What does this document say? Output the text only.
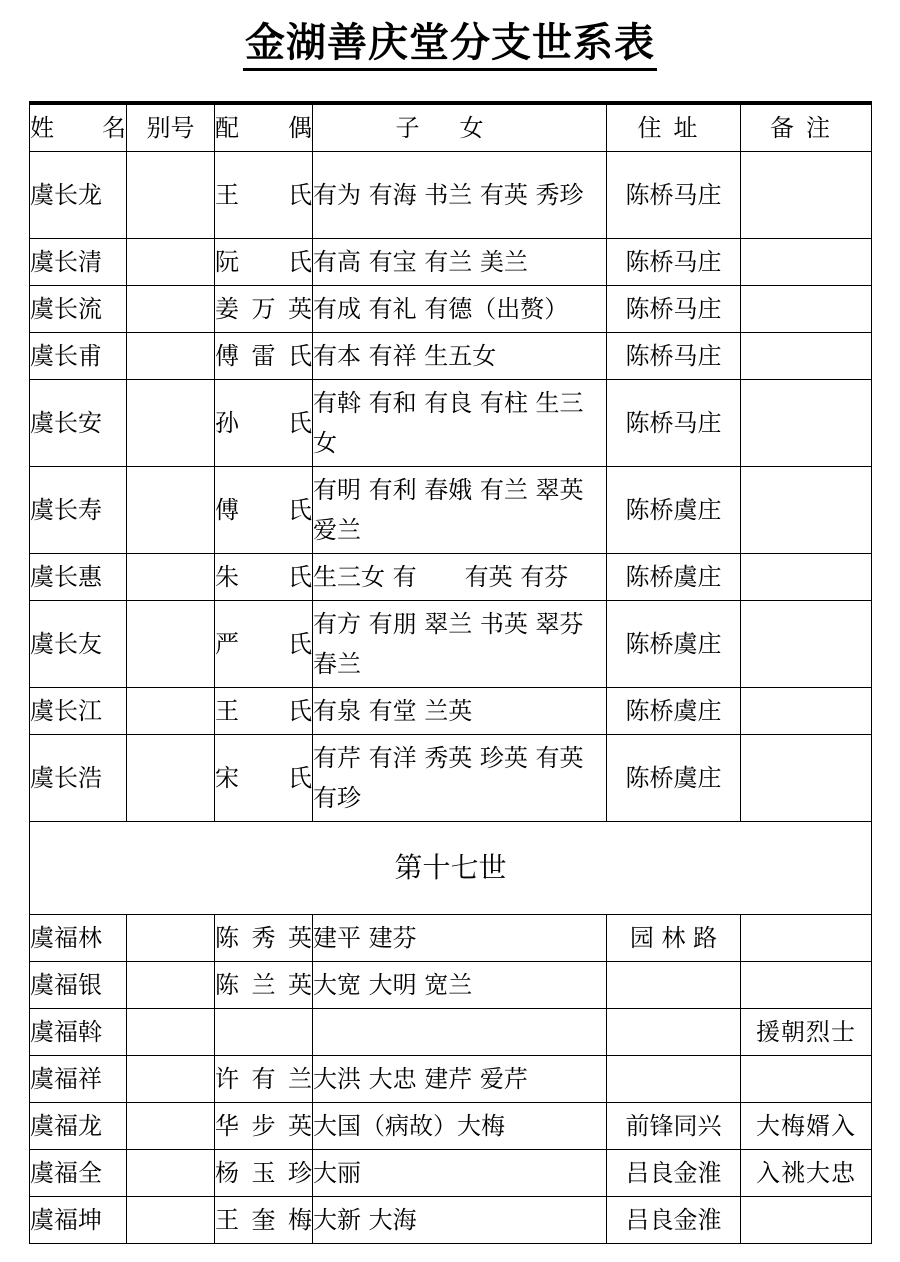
金湖善庆堂分支世系表
姓名	别号	配偶	子女	住址	备注
虞长龙		王氏	有为 有海 书兰 有英 秀珍	陈桥马庄	
虞长清		阮氏	有高 有宝 有兰 美兰	陈桥马庄	
虞长流		姜万英	有成 有礼 有德（出赘）	陈桥马庄	
虞长甫		傅雷氏	有本 有祥 生五女	陈桥马庄	
虞长安		孙氏	有斡 有和 有良 有柱 生三女	陈桥马庄	
虞长寿		傅氏	有明 有利 春娥 有兰 翠英 爱兰	陈桥虞庄	
虞长惠		朱氏	生三女 有　　有英 有芬	陈桥虞庄	
虞长友		严氏	有方 有朋 翠兰 书英 翠芬 春兰	陈桥虞庄	
虞长江		王氏	有泉 有堂 兰英	陈桥虞庄	
虞长浩		宋氏	有芹 有洋 秀英 珍英 有英 有珍	陈桥虞庄	
第十七世					
虞福林		陈秀英	建平 建芬	园 林 路	
虞福银		陈兰英	大宽 大明 宽兰		
虞福斡					援朝烈士
虞福祥		许有兰	大洪 大忠 建芹 爱芹		
虞福龙		华步英	大国（病故）大梅	前锋同兴	大梅婿入
虞福全		杨玉珍	大丽	吕良金淮	入祧大忠
虞福坤		王奎梅	大新 大海	吕良金淮	
